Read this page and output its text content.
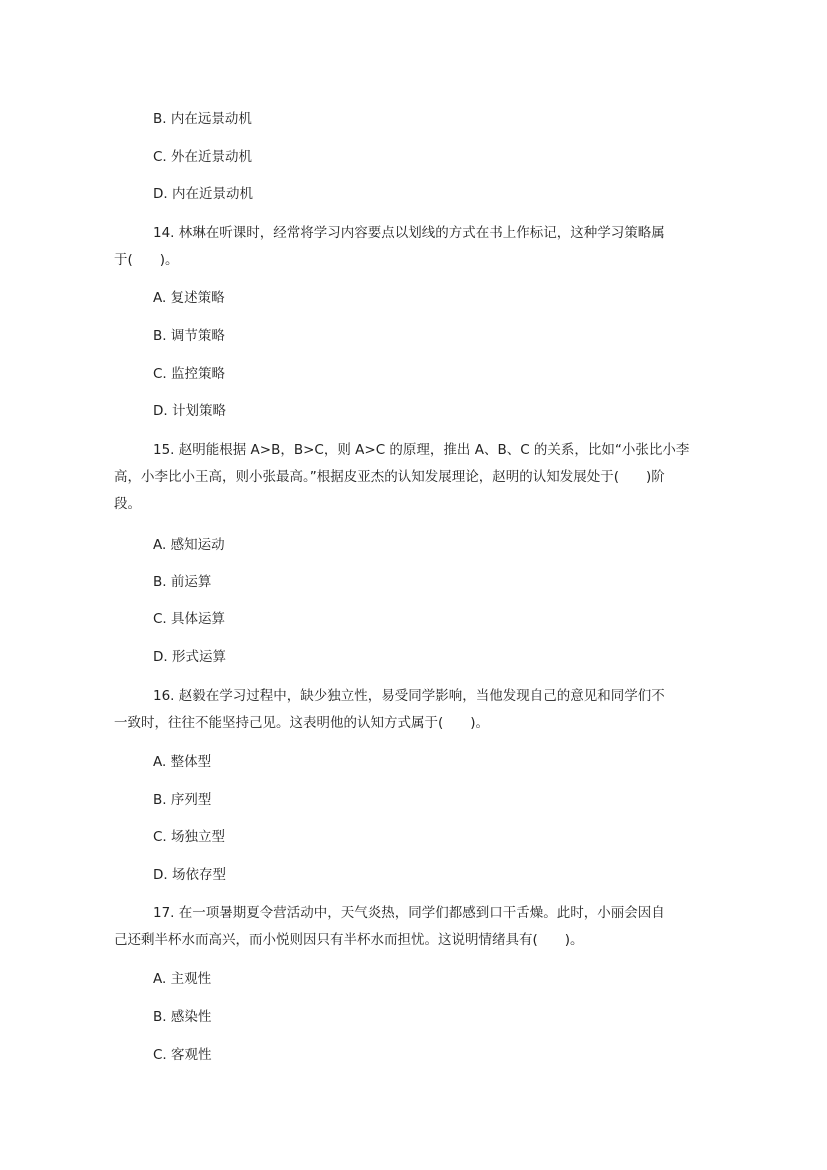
B. 内在远景动机
C. 外在近景动机
D. 内在近景动机
14. 林琳在听课时，经常将学习内容要点以划线的方式在书上作标记，这种学习策略属
于(　　)。
A. 复述策略
B. 调节策略
C. 监控策略
D. 计划策略
15. 赵明能根据 A>B，B>C，则 A>C 的原理，推出 A、B、C 的关系，比如“小张比小李
高，小李比小王高，则小张最高。”根据皮亚杰的认知发展理论，赵明的认知发展处于(　　)阶
段。
A. 感知运动
B. 前运算
C. 具体运算
D. 形式运算
16. 赵毅在学习过程中，缺少独立性，易受同学影响，当他发现自己的意见和同学们不
一致时，往往不能坚持己见。这表明他的认知方式属于(　　)。
A. 整体型
B. 序列型
C. 场独立型
D. 场依存型
17. 在一项暑期夏令营活动中，天气炎热，同学们都感到口干舌燥。此时，小丽会因自
己还剩半杯水而高兴，而小悦则因只有半杯水而担忧。这说明情绪具有(　　)。
A. 主观性
B. 感染性
C. 客观性
